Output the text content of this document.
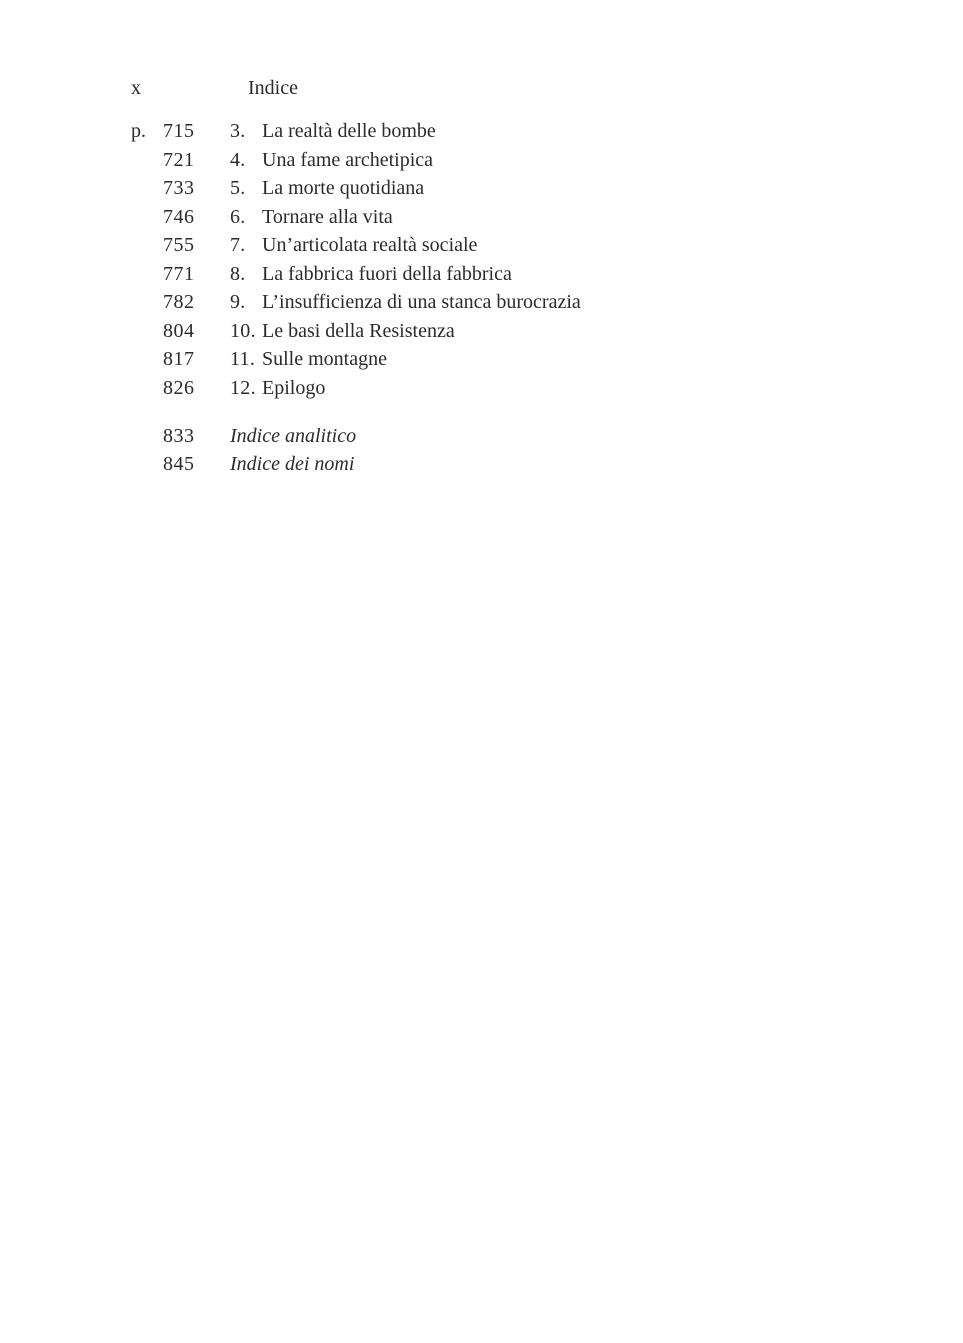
x	Indice
p. 715 3. La realtà delle bombe
721 4. Una fame archetipica
733 5. La morte quotidiana
746 6. Tornare alla vita
755 7. Un’articolata realtà sociale
771 8. La fabbrica fuori della fabbrica
782 9. L’insufficienza di una stanca burocrazia
804 10. Le basi della Resistenza
817 11. Sulle montagne
826 12. Epilogo
833 Indice analitico
845 Indice dei nomi
